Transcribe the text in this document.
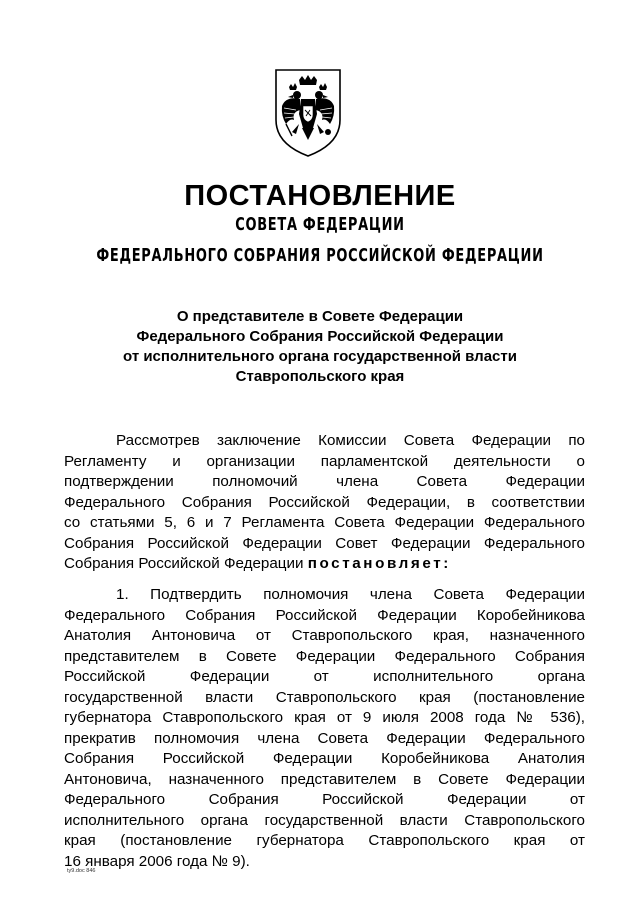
ПОСТАНОВЛЕНИЕ
СОВЕТА ФЕДЕРАЦИИ
ФЕДЕРАЛЬНОГО СОБРАНИЯ РОССИЙСКОЙ ФЕДЕРАЦИИ
О представителе в Совете Федерации
Федерального Собрания Российской Федерации
от исполнительного органа государственной власти
Ставропольского края
Рассмотрев заключение Комиссии Совета Федерации по
Регламенту и организации парламентской деятельности о
подтверждении полномочий члена Совета Федерации
Федерального Собрания Российской Федерации, в соответствии
со статьями 5, 6 и 7 Регламента Совета Федерации Федерального
Собрания Российской Федерации Совет Федерации Федерального
Собрания Российской Федерации постановляет:
1. Подтвердить полномочия члена Совета Федерации
Федерального Собрания Российской Федерации Коробейникова
Анатолия Антоновича от Ставропольского края, назначенного
представителем в Совете Федерации Федерального Собрания
Российской Федерации от исполнительного органа
государственной власти Ставропольского края (постановление
губернатора Ставропольского края от 9 июля 2008 года № 536),
прекратив полномочия члена Совета Федерации Федерального
Собрания Российской Федерации Коробейникова Анатолия
Антоновича, назначенного представителем в Совете Федерации
Федерального Собрания Российской Федерации от
исполнительного органа государственной власти Ставропольского
края (постановление губернатора Ставропольского края от
16 января 2006 года № 9).
ty9.doc 846
